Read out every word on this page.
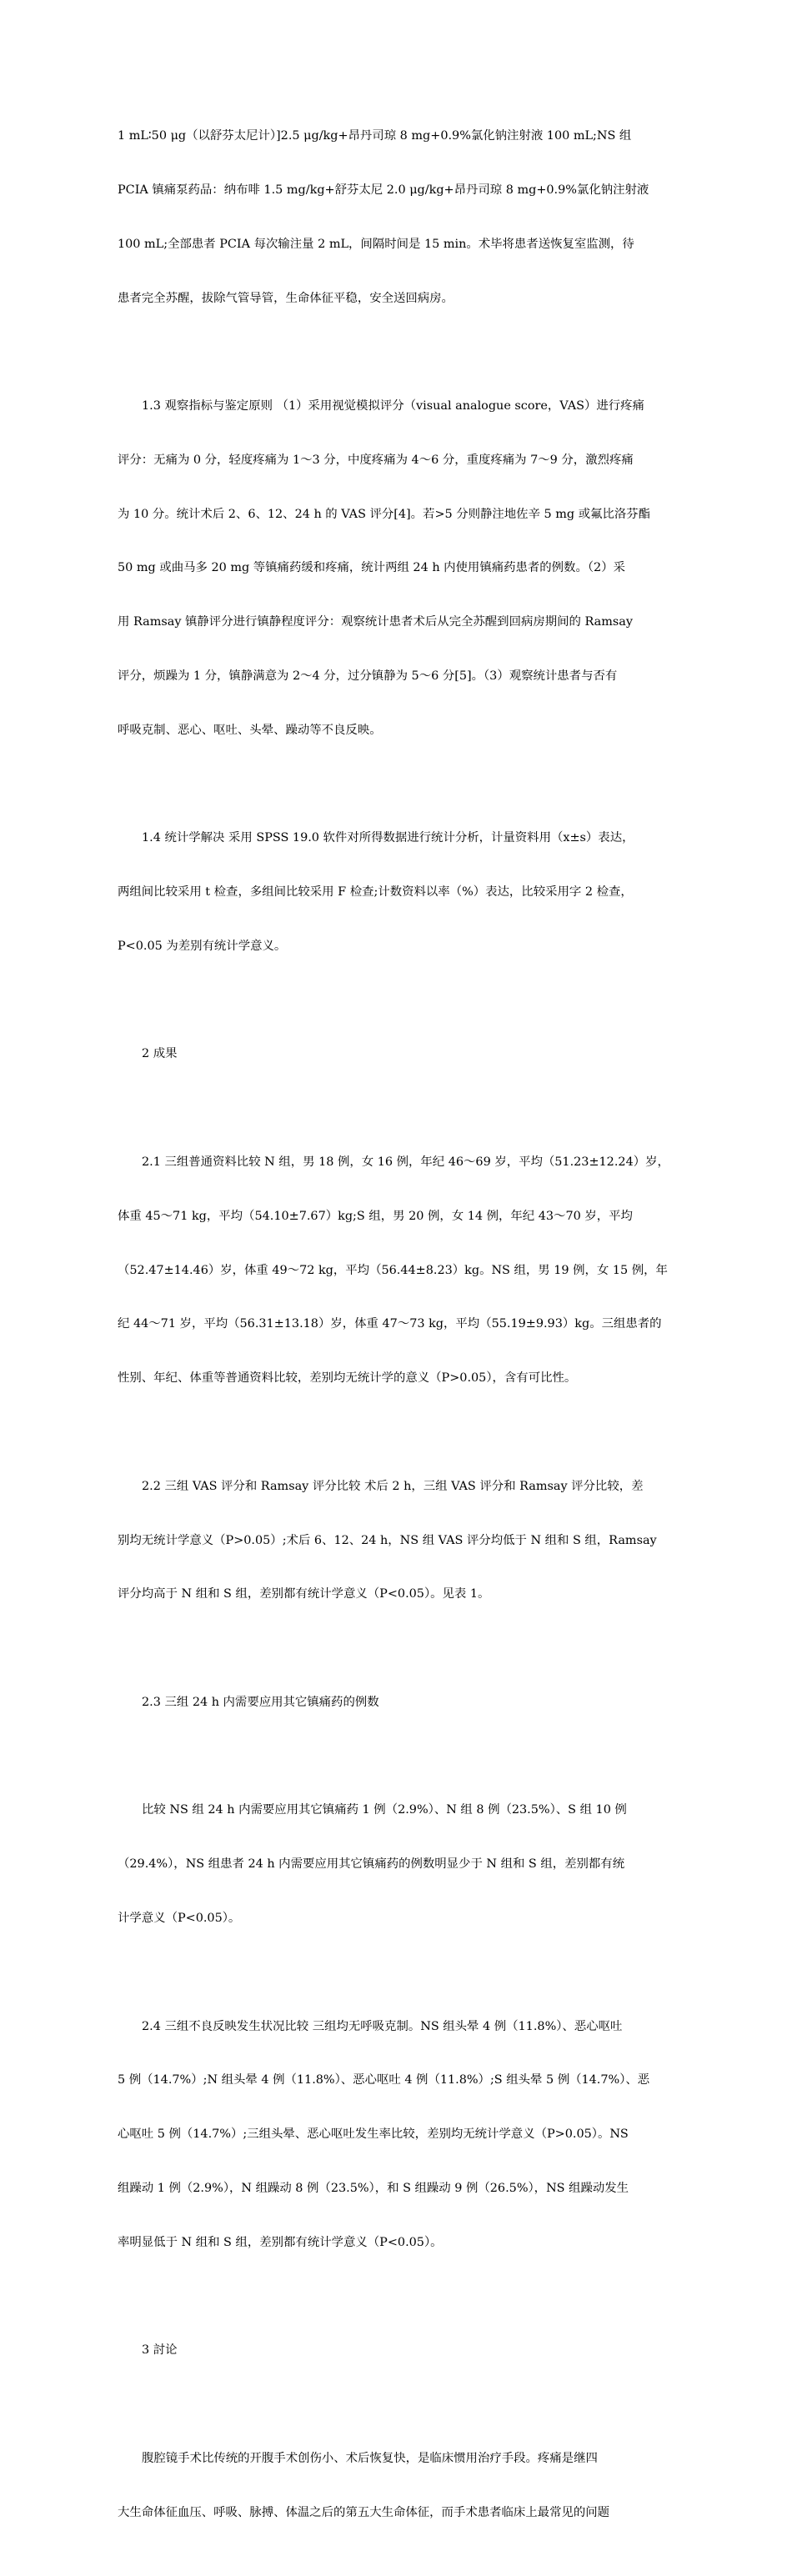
1 mL∶50 μg（以舒芬太尼计）]2.5 μg/kg+昂丹司琼 8 mg+0.9%氯化钠注射液 100 mL;NS 组

PCIA 镇痛泵药品：纳布啡 1.5 mg/kg+舒芬太尼 2.0 μg/kg+昂丹司琼 8 mg+0.9%氯化钠注射液

100 mL;全部患者 PCIA 每次输注量 2 mL，间隔时间是 15 min。术毕将患者送恢复室监测，待

患者完全苏醒，拔除气管导管，生命体征平稳，安全送回病房。

1.3 观察指标与鉴定原则 （1）采用视觉模拟评分（visual analogue score，VAS）进行疼痛

评分：无痛为 0 分，轻度疼痛为 1～3 分，中度疼痛为 4～6 分，重度疼痛为 7～9 分，激烈疼痛

为 10 分。统计术后 2、6、12、24 h 的 VAS 评分[4]。若>5 分则静注地佐辛 5 mg 或氟比洛芬酯

50 mg 或曲马多 20 mg 等镇痛药缓和疼痛，统计两组 24 h 内使用镇痛药患者的例数。（2）采

用 Ramsay 镇静评分进行镇静程度评分：观察统计患者术后从完全苏醒到回病房期间的 Ramsay

评分，烦躁为 1 分，镇静满意为 2～4 分，过分镇静为 5～6 分[5]。（3）观察统计患者与否有

呼吸克制、恶心、呕吐、头晕、躁动等不良反映。

1.4 统计学解决 采用 SPSS 19.0 软件对所得数据进行统计分析，计量资料用（x±s）表达，

两组间比较采用 t 检查，多组间比较采用 F 检查;计数资料以率（%）表达，比较采用字 2 检查，

P<0.05 为差别有统计学意义。

2 成果

2.1 三组普通资料比较 N 组，男 18 例，女 16 例，年纪 46～69 岁，平均（51.23±12.24）岁，

体重 45～71 kg，平均（54.10±7.67）kg;S 组，男 20 例，女 14 例，年纪 43～70 岁，平均

（52.47±14.46）岁，体重 49～72 kg，平均（56.44±8.23）kg。NS 组，男 19 例，女 15 例，年

纪 44～71 岁，平均（56.31±13.18）岁，体重 47～73 kg，平均（55.19±9.93）kg。三组患者的

性别、年纪、体重等普通资料比较，差别均无统计学的意义（P>0.05），含有可比性。

2.2 三组 VAS 评分和 Ramsay 评分比较 术后 2 h，三组 VAS 评分和 Ramsay 评分比较，差

别均无统计学意义（P>0.05）;术后 6、12、24 h，NS 组 VAS 评分均低于 N 组和 S 组，Ramsay

评分均高于 N 组和 S 组，差别都有统计学意义（P<0.05）。见表 1。

2.3 三组 24 h 内需要应用其它镇痛药的例数

比较 NS 组 24 h 内需要应用其它镇痛药 1 例（2.9%）、N 组 8 例（23.5%）、S 组 10 例

（29.4%），NS 组患者 24 h 内需要应用其它镇痛药的例数明显少于 N 组和 S 组，差别都有统

计学意义（P<0.05）。

2.4 三组不良反映发生状况比较 三组均无呼吸克制。NS 组头晕 4 例（11.8%）、恶心呕吐

5 例（14.7%）;N 组头晕 4 例（11.8%）、恶心呕吐 4 例（11.8%）;S 组头晕 5 例（14.7%）、恶

心呕吐 5 例（14.7%）;三组头晕、恶心呕吐发生率比较，差别均无统计学意义（P>0.05）。NS

组躁动 1 例（2.9%），N 组躁动 8 例（23.5%），和 S 组躁动 9 例（26.5%），NS 组躁动发生

率明显低于 N 组和 S 组，差别都有统计学意义（P<0.05）。

3 討论

腹腔镜手术比传统的开腹手术创伤小、术后恢复快，是临床惯用治疗手段。疼痛是继四

大生命体征血压、呼吸、脉搏、体温之后的第五大生命体征，而手术患者临床上最常见的问题
